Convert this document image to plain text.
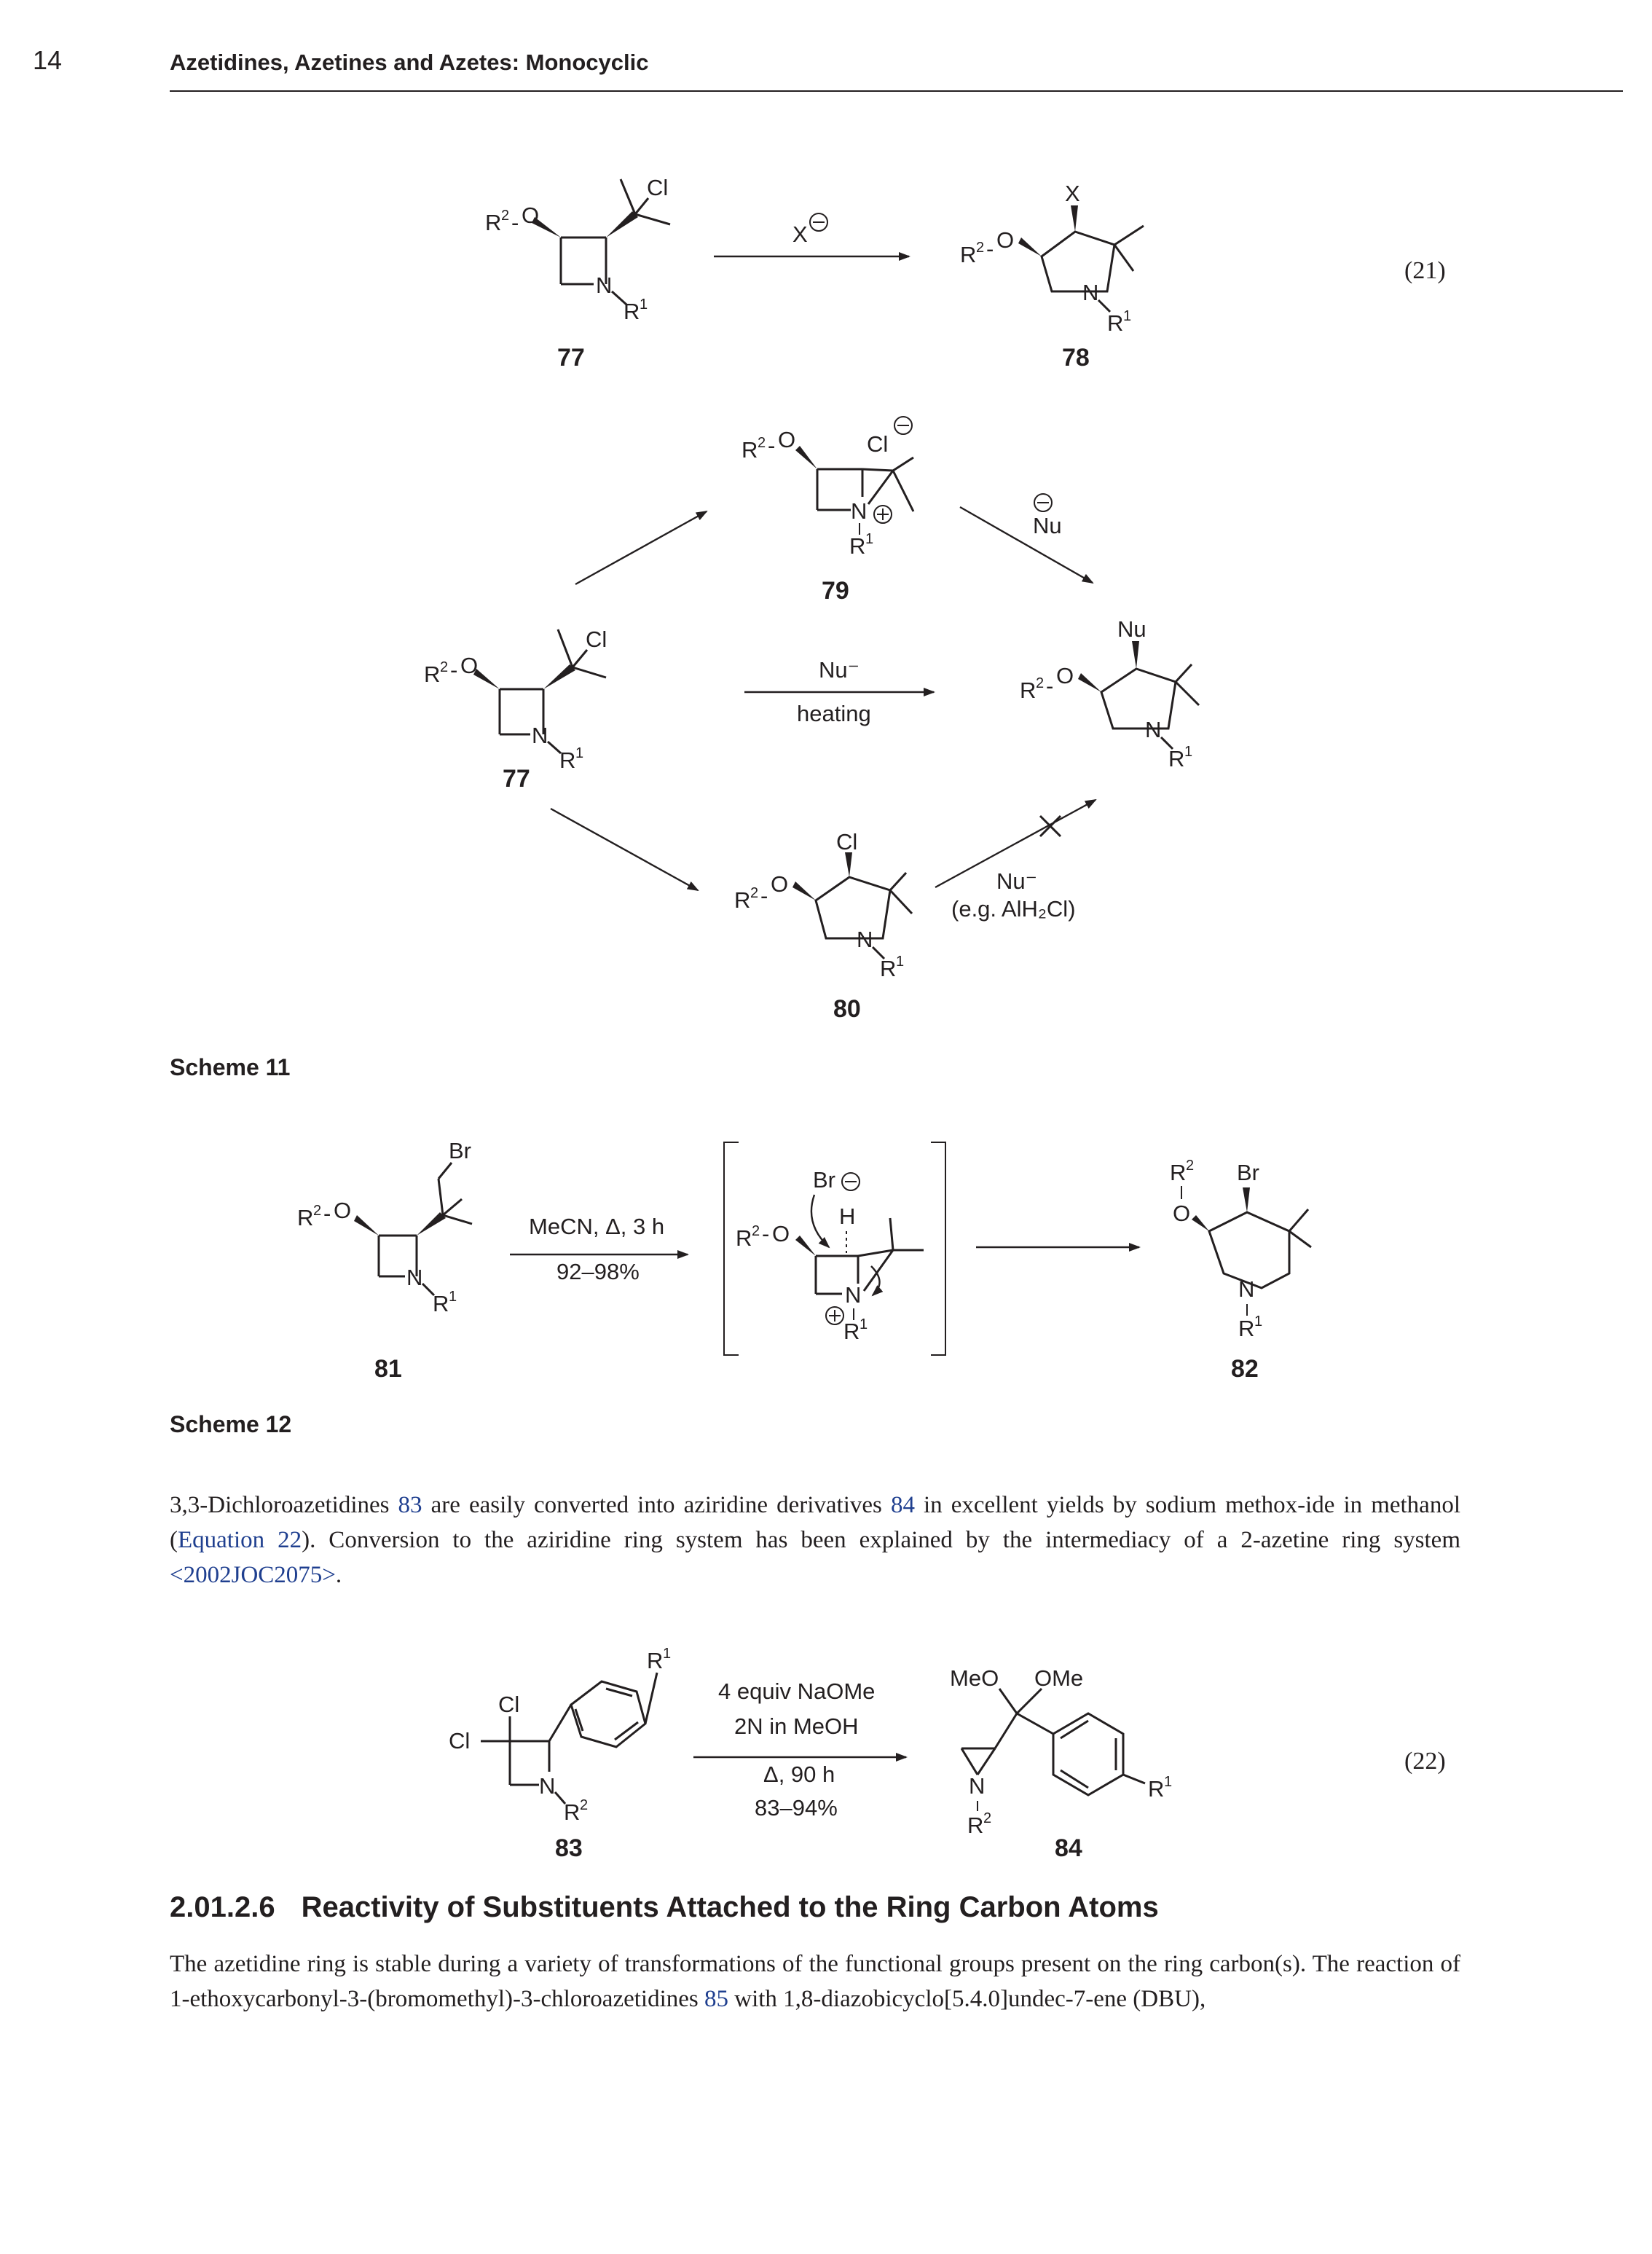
14	Azetidines, Azetines and Azetes: Monocyclic
Cl
R 2 - O
N
R 1
77
X
X
R 2 - O
N
R 1
78
(21)
R 2 - O	Cl
N
R 1
79
Nu
Cl
R 2 - O
N
R 1
77
Nu⁻
heating
Nu
R 2 - O
N
R 1
Cl
R 2 - O
N
R 1
80
Nu⁻
(e.g. AlH₂Cl)
Scheme 11
Br
R 2 - O
N
R 1
81
MeCN, Δ, 3 h
92–98%
Br
H
R 2 - O
N
R 1
Br
R 2
O
N
R 1
82
Scheme 12
R 1
Cl
Cl
N
R 2
83
4 equiv NaOMe
2N in MeOH
Δ, 90 h
83–94%
R 1
MeO OMe
N
R 2
84
(22)
3,3-Dichloroazetidines 83 are easily converted into aziridine derivatives 84 in excellent yields by sodium methox-ide in methanol (Equation 22). Conversion to the aziridine ring system has been explained by the intermediacy of a 2-azetine ring system <2002JOC2075>.
2.01.2.6 Reactivity of Substituents Attached to the Ring Carbon Atoms
The azetidine ring is stable during a variety of transformations of the functional groups present on the ring carbon(s). The reaction of 1-ethoxycarbonyl-3-(bromomethyl)-3-chloroazetidines 85 with 1,8-diazobicyclo[5.4.0]undec-7-ene (DBU),
